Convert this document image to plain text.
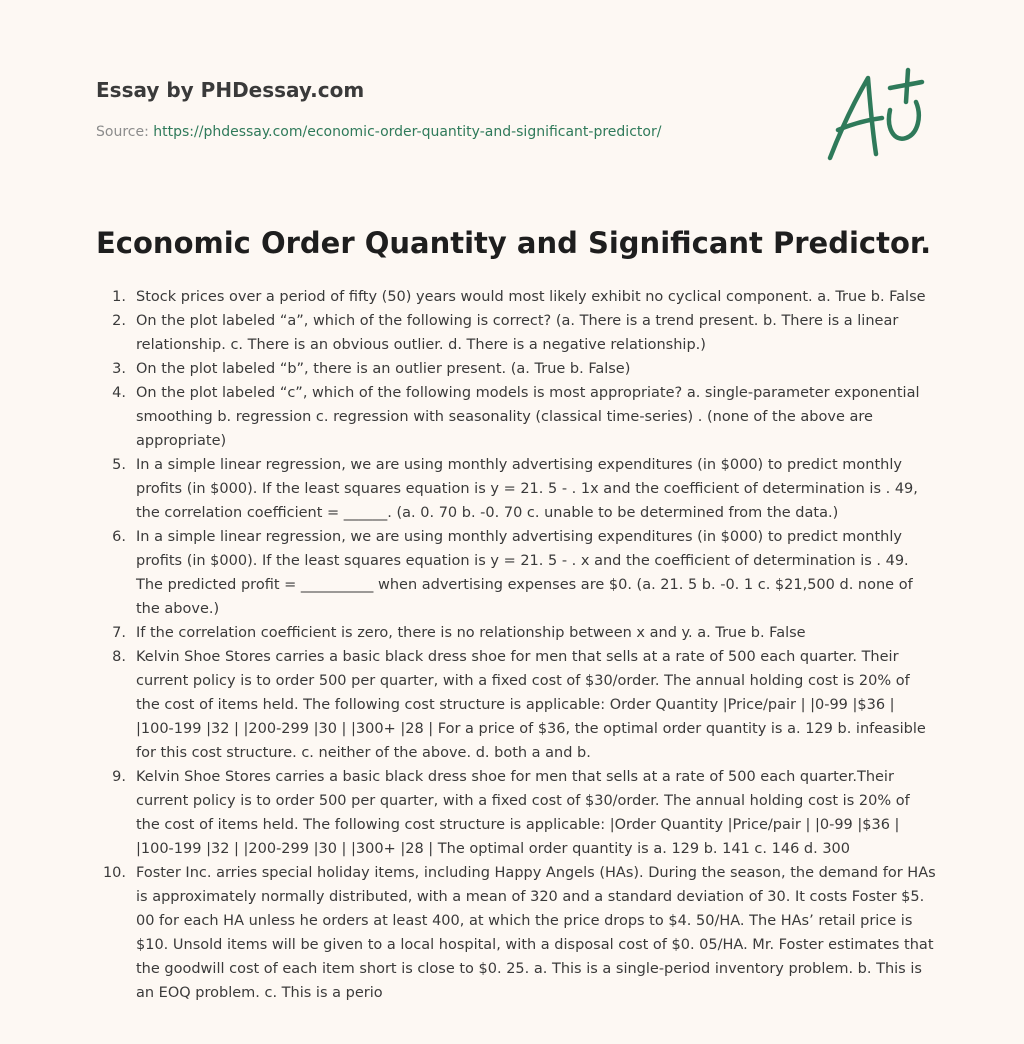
Essay by PHDessay.com
Source: https://phdessay.com/economic-order-quantity-and-significant-predictor/
Economic Order Quantity and Significant Predictor.
Stock prices over a period of fifty (50) years would most likely exhibit no cyclical component. a. True b. False
On the plot labeled “a”, which of the following is correct? (a. There is a trend present. b. There is a linear relationship. c. There is an obvious outlier. d. There is a negative relationship.)
On the plot labeled “b”, there is an outlier present. (a. True b. False)
On the plot labeled “c”, which of the following models is most appropriate? a. single-parameter exponential smoothing b. regression c. regression with seasonality (classical time-series) . (none of the above are appropriate)
In a simple linear regression, we are using monthly advertising expenditures (in $000) to predict monthly profits (in $000). If the least squares equation is y = 21. 5 - . 1x and the coefficient of determination is . 49, the correlation coefficient = ______. (a. 0. 70 b. -0. 70 c. unable to be determined from the data.)
In a simple linear regression, we are using monthly advertising expenditures (in $000) to predict monthly profits (in $000). If the least squares equation is y = 21. 5 - . x and the coefficient of determination is . 49. The predicted profit = __________ when advertising expenses are $0. (a. 21. 5 b. -0. 1 c. $21,500 d. none of the above.)
If the correlation coefficient is zero, there is no relationship between x and y. a. True b. False
Kelvin Shoe Stores carries a basic black dress shoe for men that sells at a rate of 500 each quarter. Their current policy is to order 500 per quarter, with a fixed cost of $30/order. The annual holding cost is 20% of the cost of items held. The following cost structure is applicable: Order Quantity |Price/pair | |0-99 |$36 | |100-199 |32 | |200-299 |30 | |300+ |28 | For a price of $36, the optimal order quantity is a. 129 b. infeasible for this cost structure. c. neither of the above. d. both a and b.
Kelvin Shoe Stores carries a basic black dress shoe for men that sells at a rate of 500 each quarter.Their current policy is to order 500 per quarter, with a fixed cost of $30/order. The annual holding cost is 20% of the cost of items held. The following cost structure is applicable: |Order Quantity |Price/pair | |0-99 |$36 | |100-199 |32 | |200-299 |30 | |300+ |28 | The optimal order quantity is a. 129 b. 141 c. 146 d. 300
Foster Inc. arries special holiday items, including Happy Angels (HAs). During the season, the demand for HAs is approximately normally distributed, with a mean of 320 and a standard deviation of 30. It costs Foster $5. 00 for each HA unless he orders at least 400, at which the price drops to $4. 50/HA. The HAs’ retail price is $10. Unsold items will be given to a local hospital, with a disposal cost of $0. 05/HA. Mr. Foster estimates that the goodwill cost of each item short is close to $0. 25. a. This is a single-period inventory problem. b. This is an EOQ problem. c. This is a perio
